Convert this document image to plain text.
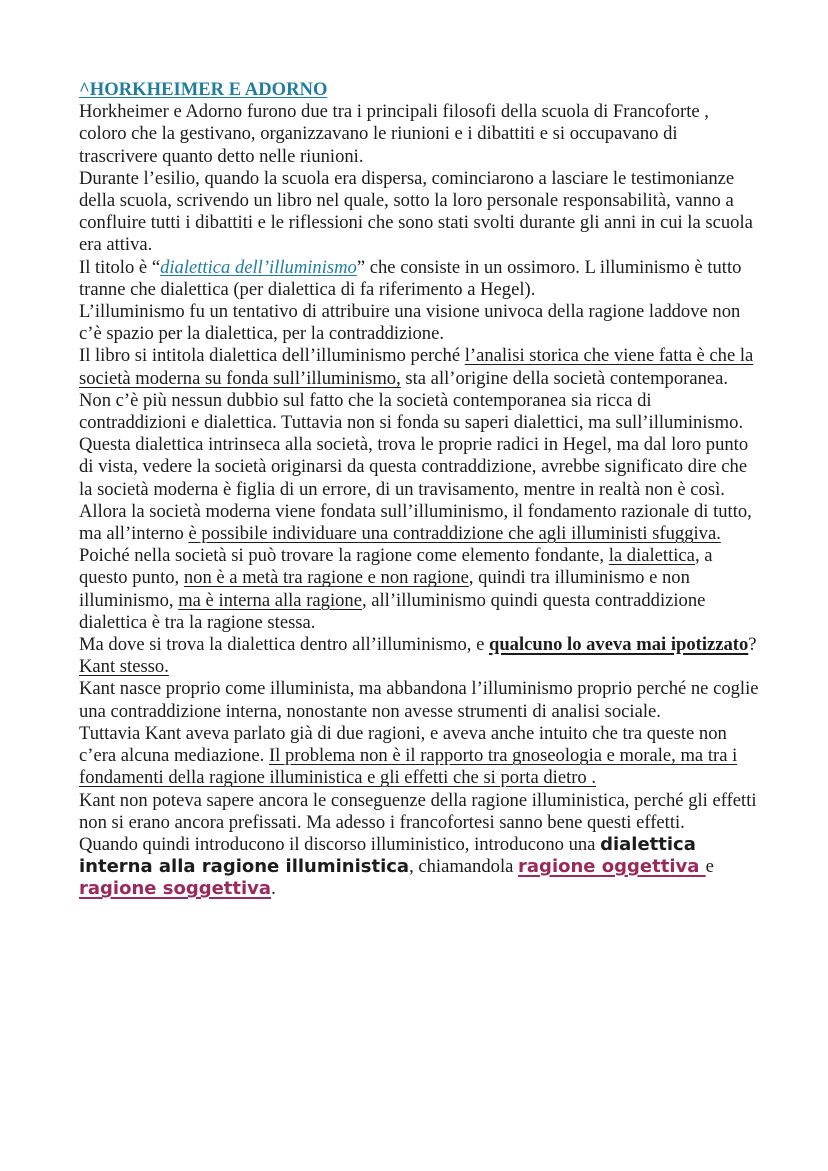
^HORKHEIMER E ADORNO

Horkheimer e Adorno furono due tra i principali filosofi della scuola di Francoforte , coloro che la gestivano, organizzavano le riunioni e i dibattiti e si occupavano di trascrivere quanto detto nelle riunioni.

Durante l’esilio, quando la scuola era dispersa, cominciarono a lasciare le testimonianze della scuola, scrivendo un libro nel quale, sotto la loro personale responsabilità, vanno a confluire tutti i dibattiti e le riflessioni che sono stati svolti durante gli anni in cui la scuola era attiva.

Il titolo è “dialettica dell’illuminismo” che consiste in un ossimoro. L illuminismo è tutto tranne che dialettica (per dialettica di fa riferimento a Hegel).

L’illuminismo fu un tentativo di attribuire una visione univoca della ragione laddove non c’è spazio per la dialettica, per la contraddizione.

Il libro si intitola dialettica dell’illuminismo perché l’analisi storica che viene fatta è che la società moderna su fonda sull’illuminismo, sta all’origine della società contemporanea.

Non c’è più nessun dubbio sul fatto che la società contemporanea sia ricca di contraddizioni e dialettica. Tuttavia non si fonda su saperi dialettici, ma sull’illuminismo.

Questa dialettica intrinseca alla società, trova le proprie radici in Hegel, ma dal loro punto di vista, vedere la società originarsi da questa contraddizione, avrebbe significato dire che la società moderna è figlia di un errore, di un travisamento, mentre in realtà non è così.

Allora la società moderna viene fondata sull’illuminismo, il fondamento razionale di tutto, ma all’interno è possibile individuare una contraddizione che agli illuministi sfuggiva.

Poiché nella società si può trovare la ragione come elemento fondante, la dialettica, a questo punto, non è a metà tra ragione e non ragione, quindi tra illuminismo e non illuminismo, ma è interna alla ragione, all’illuminismo quindi questa contraddizione dialettica è tra la ragione stessa.

Ma dove si trova la dialettica dentro all’illuminismo, e qualcuno lo aveva mai ipotizzato? Kant stesso.

Kant nasce proprio come illuminista, ma abbandona l’illuminismo proprio perché ne coglie una contraddizione interna, nonostante non avesse strumenti di analisi sociale.

Tuttavia Kant aveva parlato già di due ragioni, e aveva anche intuito che tra queste non c’era alcuna mediazione. Il problema non è il rapporto tra gnoseologia e morale, ma tra i fondamenti della ragione illuministica e gli effetti che si porta dietro .

Kant non poteva sapere ancora le conseguenze della ragione illuministica, perché gli effetti non si erano ancora prefissati. Ma adesso i francofortesi sanno bene questi effetti.

Quando quindi introducono il discorso illuministico, introducono una dialettica interna alla ragione illuministica, chiamandola ragione oggettiva e ragione soggettiva.
